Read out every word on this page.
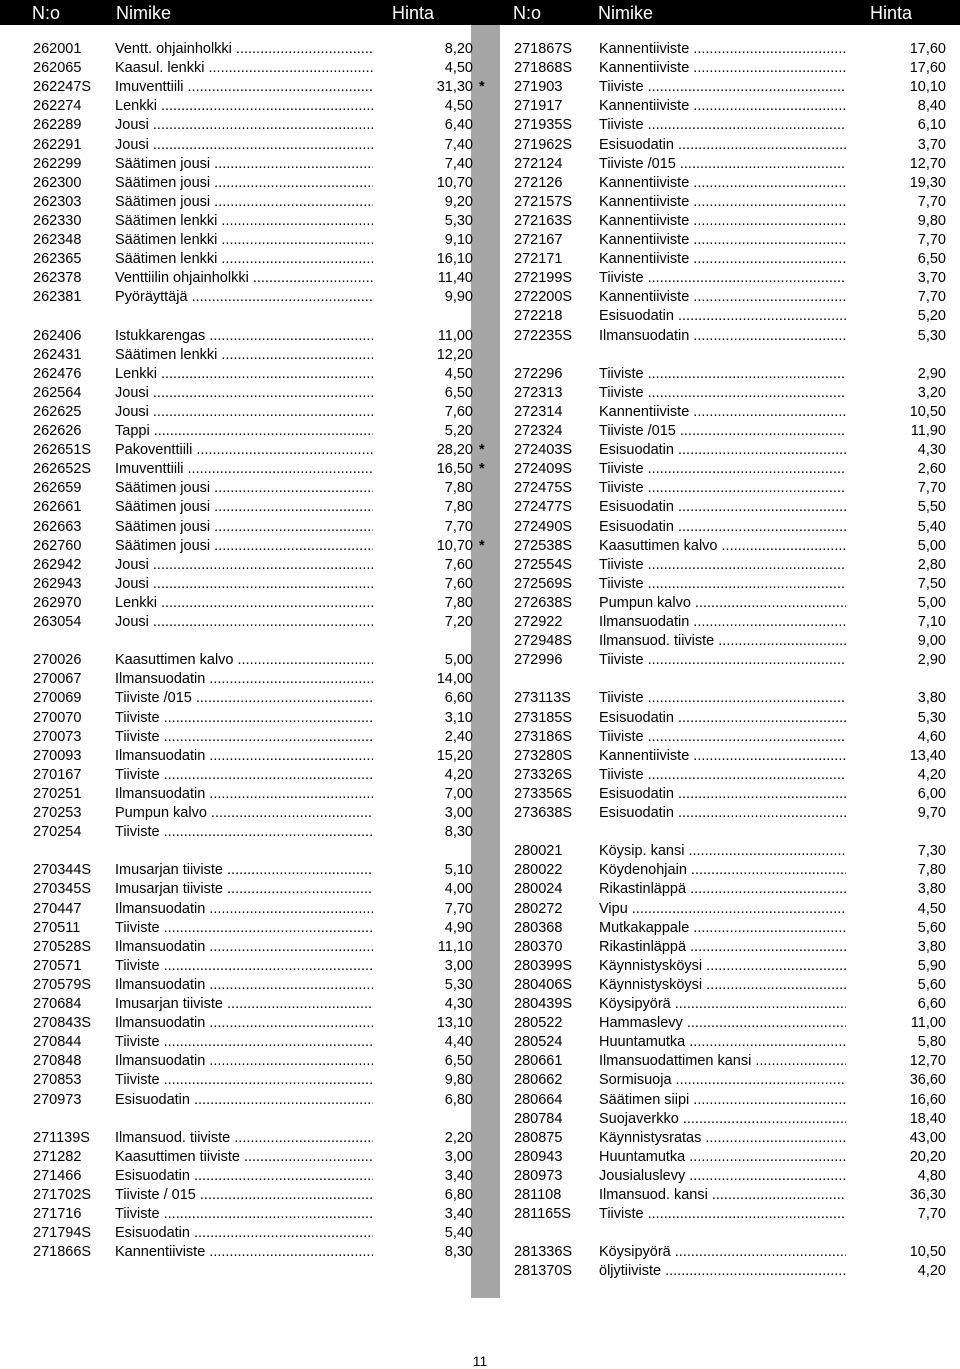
N:o	Nimike	Hinta	N:o	Nimike	Hinta
262001 Ventt. ohjainholkki .....	8,20
262065 Kaasul. lenkki .....	4,50
262247S Imuventtiili .....	31,30 *
262274 Lenkki .....	4,50
262289 Jousi .....	6,40
262291 Jousi .....	7,40
262299 Säätimen jousi .....	7,40
262300 Säätimen jousi .....	10,70
262303 Säätimen jousi .....	9,20
262330 Säätimen lenkki .....	5,30
262348 Säätimen lenkki .....	9,10
262365 Säätimen lenkki .....	16,10
262378 Venttiilin ohjainholkki .....	11,40
262381 Pyöräyttäjä .....	9,90
262406 Istukkarengas .....	11,00
262431 Säätimen lenkki .....	12,20
262476 Lenkki .....	4,50
262564 Jousi .....	6,50
262625 Jousi .....	7,60
262626 Tappi .....	5,20
262651S Pakoventtiili .....	28,20 *
262652S Imuventtiili .....	16,50 *
262659 Säätimen jousi .....	7,80
262661 Säätimen jousi .....	7,80
262663 Säätimen jousi .....	7,70
262760 Säätimen jousi .....	10,70 *
262942 Jousi .....	7,60
262943 Jousi .....	7,60
262970 Lenkki .....	7,80
263054 Jousi .....	7,20
270026 Kaasuttimen kalvo .....	5,00
270067 Ilmansuodatin .....	14,00
270069 Tiiviste /015 .....	6,60
270070 Tiiviste .....	3,10
270073 Tiiviste .....	2,40
270093 Ilmansuodatin .....	15,20
270167 Tiiviste .....	4,20
270251 Ilmansuodatin .....	7,00
270253 Pumpun kalvo .....	3,00
270254 Tiiviste .....	8,30
270344S Imusarjan tiiviste .....	5,10
270345S Imusarjan tiiviste .....	4,00
270447 Ilmansuodatin .....	7,70
270511 Tiiviste .....	4,90
270528S Ilmansuodatin .....	11,10
270571 Tiiviste .....	3,00
270579S Ilmansuodatin .....	5,30
270684 Imusarjan tiiviste .....	4,30
270843S Ilmansuodatin .....	13,10
270844 Tiiviste .....	4,40
270848 Ilmansuodatin .....	6,50
270853 Tiiviste .....	9,80
270973 Esisuodatin .....	6,80
271139S Ilmansuod. tiiviste .....	2,20
271282 Kaasuttimen tiiviste .....	3,00
271466 Esisuodatin .....	3,40
271702S Tiiviste / 015 .....	6,80
271716 Tiiviste .....	3,40
271794S Esisuodatin .....	5,40
271866S Kannentiiviste .....	8,30
271867S Kannentiiviste .....	17,60
271868S Kannentiiviste .....	17,60
271903	Tiiviste .....	10,10
271917	Kannentiiviste .....	8,40
271935S Tiiviste .....	6,10
271962S Esisuodatin .....	3,70
272124	Tiiviste /015 .....	12,70
272126	Kannentiiviste .....	19,30
272157S Kannentiiviste .....	7,70
272163S Kannentiiviste .....	9,80
272167	Kannentiiviste .....	7,70
272171	Kannentiiviste .....	6,50
272199S Tiiviste .....	3,70
272200S Kannentiiviste .....	7,70
272218	Esisuodatin .....	5,20
272235S Ilmansuodatin .....	5,30
272296	Tiiviste .....	2,90
272313	Tiiviste .....	3,20
272314	Kannentiiviste .....	10,50
272324	Tiiviste /015 .....	11,90
272403S Esisuodatin .....	4,30
272409S Tiiviste .....	2,60
272475S Tiiviste .....	7,70
272477S Esisuodatin .....	5,50
272490S Esisuodatin .....	5,40
272538S Kaasuttimen kalvo .....	5,00
272554S Tiiviste .....	2,80
272569S Tiiviste .....	7,50
272638S Pumpun kalvo .....	5,00
272922	Ilmansuodatin .....	7,10
272948S Ilmansuod. tiiviste .....	9,00
272996	Tiiviste .....	2,90
273113S Tiiviste .....	3,80
273185S Esisuodatin .....	5,30
273186S Tiiviste .....	4,60
273280S Kannentiiviste .....	13,40
273326S Tiiviste .....	4,20
273356S Esisuodatin .....	6,00
273638S Esisuodatin .....	9,70
280021	Köysip. kansi .....	7,30
280022	Köydenohjain .....	7,80
280024	Rikastinläppä .....	3,80
280272	Vipu .....	4,50
280368	Mutkakappale .....	5,60
280370	Rikastinläppä .....	3,80
280399S Käynnistysköysi .....	5,90
280406S Käynnistysköysi .....	5,60
280439S Köysipyörä .....	6,60
280522	Hammaslevy .....	11,00
280524	Huuntamutka .....	5,80
280661	Ilmansuodattimen kansi .....	12,70
280662	Sormisuoja .....	36,60
280664	Säätimen siipi .....	16,60
280784	Suojaverkko .....	18,40
280875	Käynnistysratas .....	43,00
280943	Huuntamutka .....	20,20
280973	Jousialuslevy .....	4,80
281108	Ilmansuod. kansi .....	36,30
281165S Tiiviste .....	7,70
281336S Köysipyörä .....	10,50
281370S öljytiiviste .....	4,20
11
